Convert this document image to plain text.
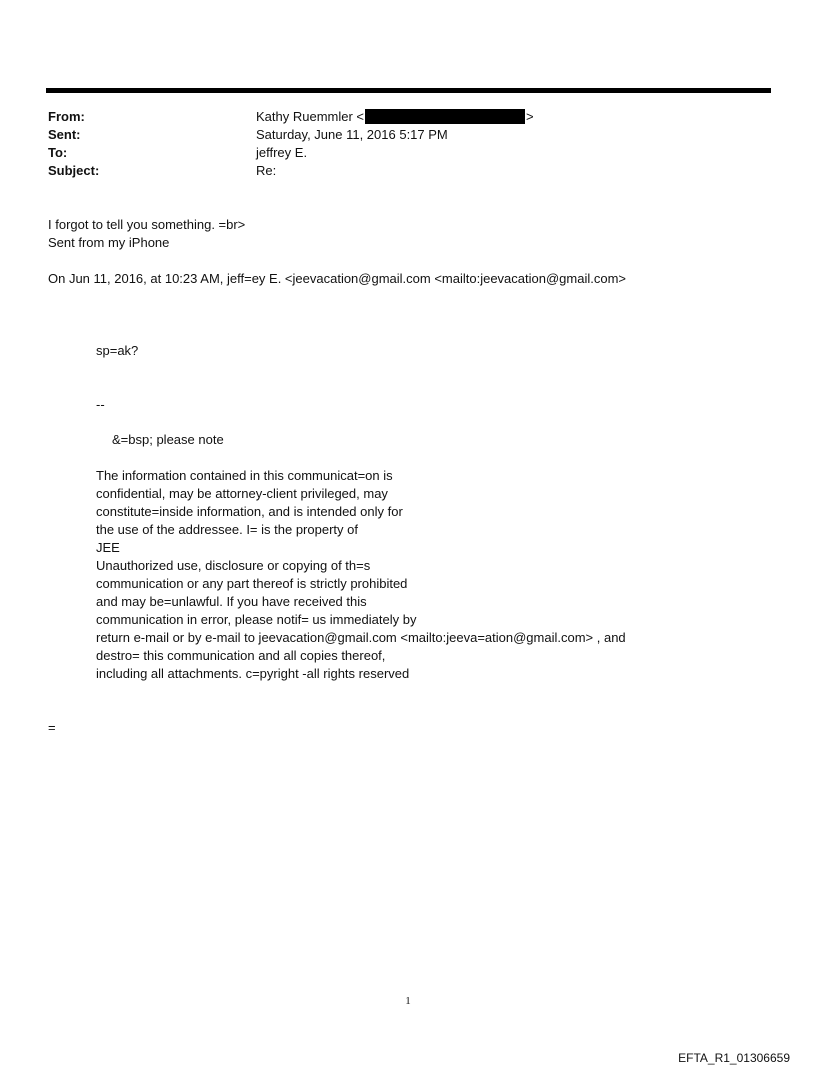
From:	Kathy Ruemmler <	>
Sent:	Saturday, June 11, 2016 5:17 PM
To:	jeffrey E.
Subject:	Re:
I forgot to tell you something. =br>
Sent from my iPhone
On Jun 11, 2016, at 10:23 AM, jeff=ey E. <jeevacation@gmail.com <mailto:jeevacation@gmail.com>
sp=ak?
--
&=bsp; please note
The information contained in this communicat=on is
confidential, may be attorney-client privileged, may
constitute=inside information, and is intended only for
the use of the addressee. I= is the property of
JEE
Unauthorized use, disclosure or copying of th=s
communication or any part thereof is strictly prohibited
and may be=unlawful. If you have received this
communication in error, please notif= us immediately by
return e-mail or by e-mail to jeevacation@gmail.com <mailto:jeeva=ation@gmail.com> , and
destro= this communication and all copies thereof,
including all attachments. c=pyright -all rights reserved
=
1
EFTA_R1_01306659
